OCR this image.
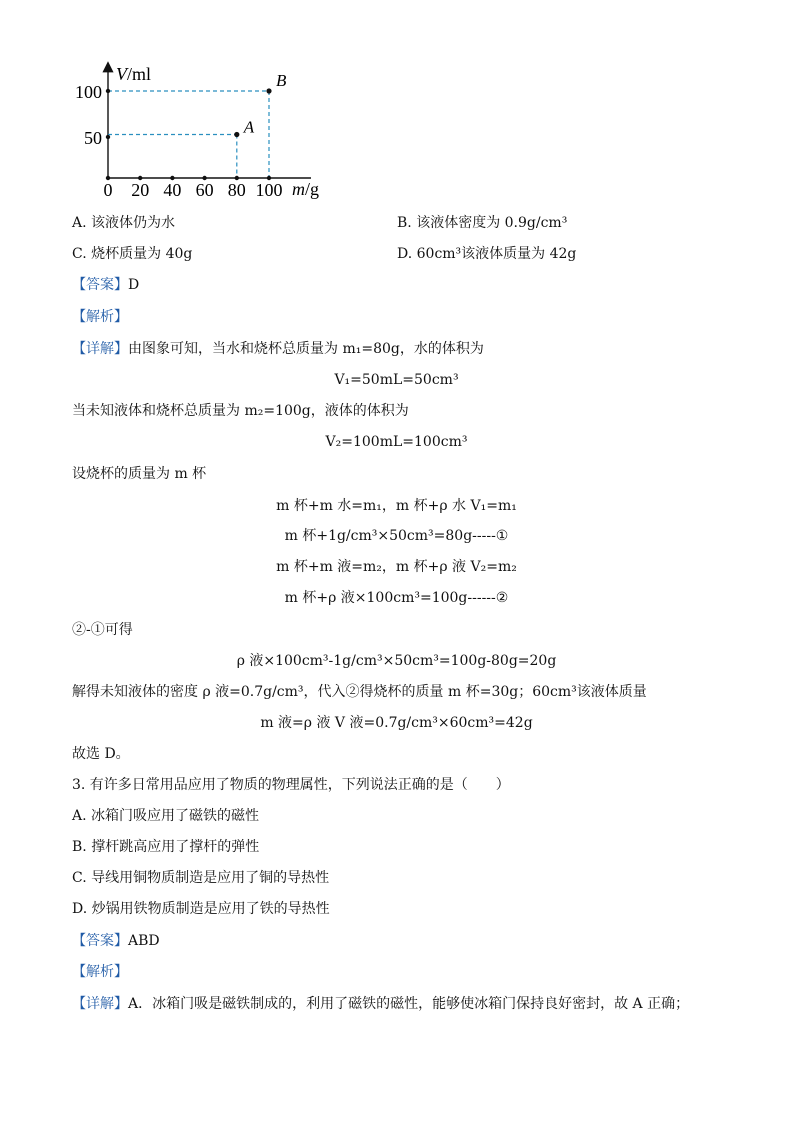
A
B
100
50
V/ml
m/g
0 20 40 60 80 100
A. 该液体仍为水	B. 该液体密度为 0.9g/cm³
C. 烧杯质量为 40g	D. 60cm³该液体质量为 42g
【答案】D
【解析】
【详解】由图象可知，当水和烧杯总质量为 m₁=80g，水的体积为
V₁=50mL=50cm³
当未知液体和烧杯总质量为 m₂=100g，液体的体积为
V₂=100mL=100cm³
设烧杯的质量为 m 杯
m 杯+m 水=m₁，m 杯+ρ 水 V₁=m₁
m 杯+1g/cm³×50cm³=80g-----①
m 杯+m 液=m₂，m 杯+ρ 液 V₂=m₂
m 杯+ρ 液×100cm³=100g------②
②-①可得
ρ 液×100cm³-1g/cm³×50cm³=100g-80g=20g
解得未知液体的密度 ρ 液=0.7g/cm³，代入②得烧杯的质量 m 杯=30g；60cm³该液体质量
m 液=ρ 液 V 液=0.7g/cm³×60cm³=42g
故选 D。
3. 有许多日常用品应用了物质的物理属性，下列说法正确的是（　　）
A. 冰箱门吸应用了磁铁的磁性
B. 撑杆跳高应用了撑杆的弹性
C. 导线用铜物质制造是应用了铜的导热性
D. 炒锅用铁物质制造是应用了铁的导热性
【答案】ABD
【解析】
【详解】A．冰箱门吸是磁铁制成的，利用了磁铁的磁性，能够使冰箱门保持良好密封，故 A 正确；
